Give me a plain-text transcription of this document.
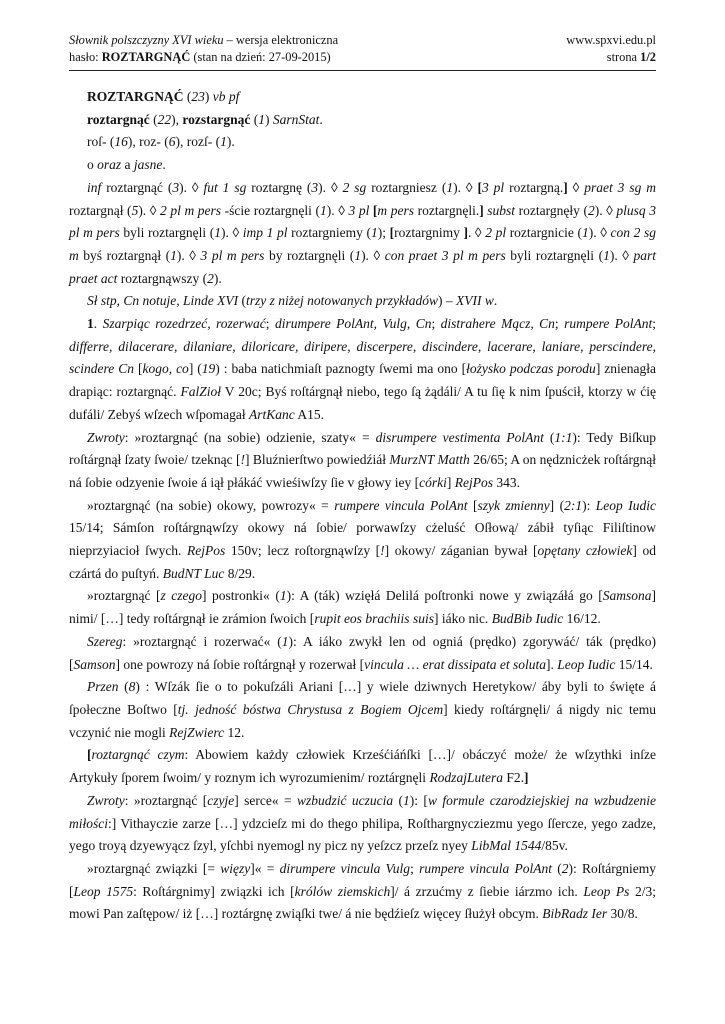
Słownik polszczyzny XVI wieku – wersja elektroniczna	www.spxvi.edu.pl
hasło: ROZTARGNĄĆ (stan na dzień: 27-09-2015)	strona 1/2

ROZTARGNĄĆ (23) vb pf

roztargnąć (22), rozstargnąć (1) SarnStat.

roſ- (16), roz- (6), rozſ- (1).

o oraz a jasne.

inf roztargnąć (3). ◊ fut 1 sg roztargnę (3). ◊ 2 sg roztargniesz (1). ◊ [3 pl roztargną.] ◊ praet 3 sg m roztargnął (5). ◊ 2 pl m pers -ście roztargnęli (1). ◊ 3 pl [m pers roztargnęli.] subst roztargnęły (2). ◊ plusq 3 pl m pers byli roztargnęli (1). ◊ imp 1 pl roztargniemy (1); [roztargnimy ]. ◊ 2 pl roztargnicie (1). ◊ con 2 sg m byś roztargnął (1). ◊ 3 pl m pers by roztargnęli (1). ◊ con praet 3 pl m pers byli roztargnęli (1). ◊ part praet act roztargnąwszy (2).

Sł stp, Cn notuje, Linde XVI (trzy z niżej notowanych przykładów) – XVII w.

1. Szarpiąc rozedrzeć, rozerwać; dirumpere PolAnt, Vulg, Cn; distrahere Mącz, Cn; rumpere PolAnt; differre, dilacerare, dilaniare, diloricare, diripere, discerpere, discindere, lacerare, laniare, perscindere, scindere Cn [kogo, co] (19) : baba natichmiaſt paznogty ſwemi ma ono [łożysko podczas porodu] znienagła drapiąc: roztargnąć. FalZioł V 20c; Byś roſtárgnął niebo, tego ſą żądáli/ A tu ſię k nim ſpuścił, ktorzy w ćię dufáli/ Zebyś wſzech wſpomagał ArtKanc A15.

Zwroty: »roztargnąć (na sobie) odzienie, szaty« = disrumpere vestimenta PolAnt (1:1): Tedy Biſkup roſtárgnął ſzaty ſwoie/ tzeknąc [!] Bluźnierſtwo powiedźiáł MurzNT Matth 26/65; A on nędznicżek roſtárgnął ná ſobie odzyenie ſwoie á iął płákáć vwieśiwſzy ſie v głowy iey [córki] RejPos 343.

»roztargnąć (na sobie) okowy, powrozy« = rumpere vincula PolAnt [szyk zmienny] (2:1): Leop Iudic 15/14; Sámſon roſtárgnąwſzy okowy ná ſobie/ porwawſzy cżeluść Oſłową/ zábił tyſiąc Filiſtinow nieprzyiacioł ſwych. RejPos 150v; lecz roſtorgnąwſzy [!] okowy/ záganian bywał [opętany człowiek] od czártá do puſtyń. BudNT Luc 8/29.

»roztargnąć [z czego] postronki« (1): A (ták) wzięłá Delilá poſtronki nowe y związáłá go [Samsona] nimi/ […] tedy roſtárgnął ie zrámion ſwoich [rupit eos brachiis suis] iáko nic. BudBib Iudic 16/12.

Szereg: »roztargnąć i rozerwać« (1): A iáko zwykł len od ogniá (prędko) zgorywáć/ ták (prędko) [Samson] one powrozy ná ſobie roſtárgnął y rozerwał [vincula … erat dissipata et soluta]. Leop Iudic 15/14.

Przen (8) : Wſzák ſie o to pokuſzáli Ariani […] y wiele dziwnych Heretykow/ áby byli to święte á ſpołeczne Boſtwo [tj. jedność bóstwa Chrystusa z Bogiem Ojcem] kiedy roſtárgnęli/ á nigdy nic temu vczynić nie mogli RejZwierc 12.

[roztargnąć czym: Abowiem każdy człowiek Krześćiáńſki […]/ obáczyć może/ że wſzythki inſze Artykuły ſporem ſwoim/ y roznym ich wyrozumienim/ roztárgnęli RodzajLutera F2.]

Zwroty: »roztargnąć [czyje] serce« = wzbudzić uczucia (1): [w formule czarodziejskiej na wzbudzenie miłości:] Vithayczie zarze […] ydzcieſz mi do thego philipa, Roſthargnycziezmu yego ſſercze, yego zadze, yego troyą dzyewyącz ſzyl, yſchbi nyemogl ny picz ny yeſzcz przeſz nyey LibMal 1544/85v.

»roztargnąć związki [= więzy]« = dirumpere vincula Vulg; rumpere vincula PolAnt (2): Roſtárgniemy [Leop 1575: Roſtárgnimy] związki ich [królów ziemskich]/ á zrzućmy z ſiebie iárzmo ich. Leop Ps 2/3; mowi Pan zaſtępow/ iż […] roztárgnę zwiąſki twe/ á nie będźieſz więcey ſłużył obcym. BibRadz Ier 30/8.
